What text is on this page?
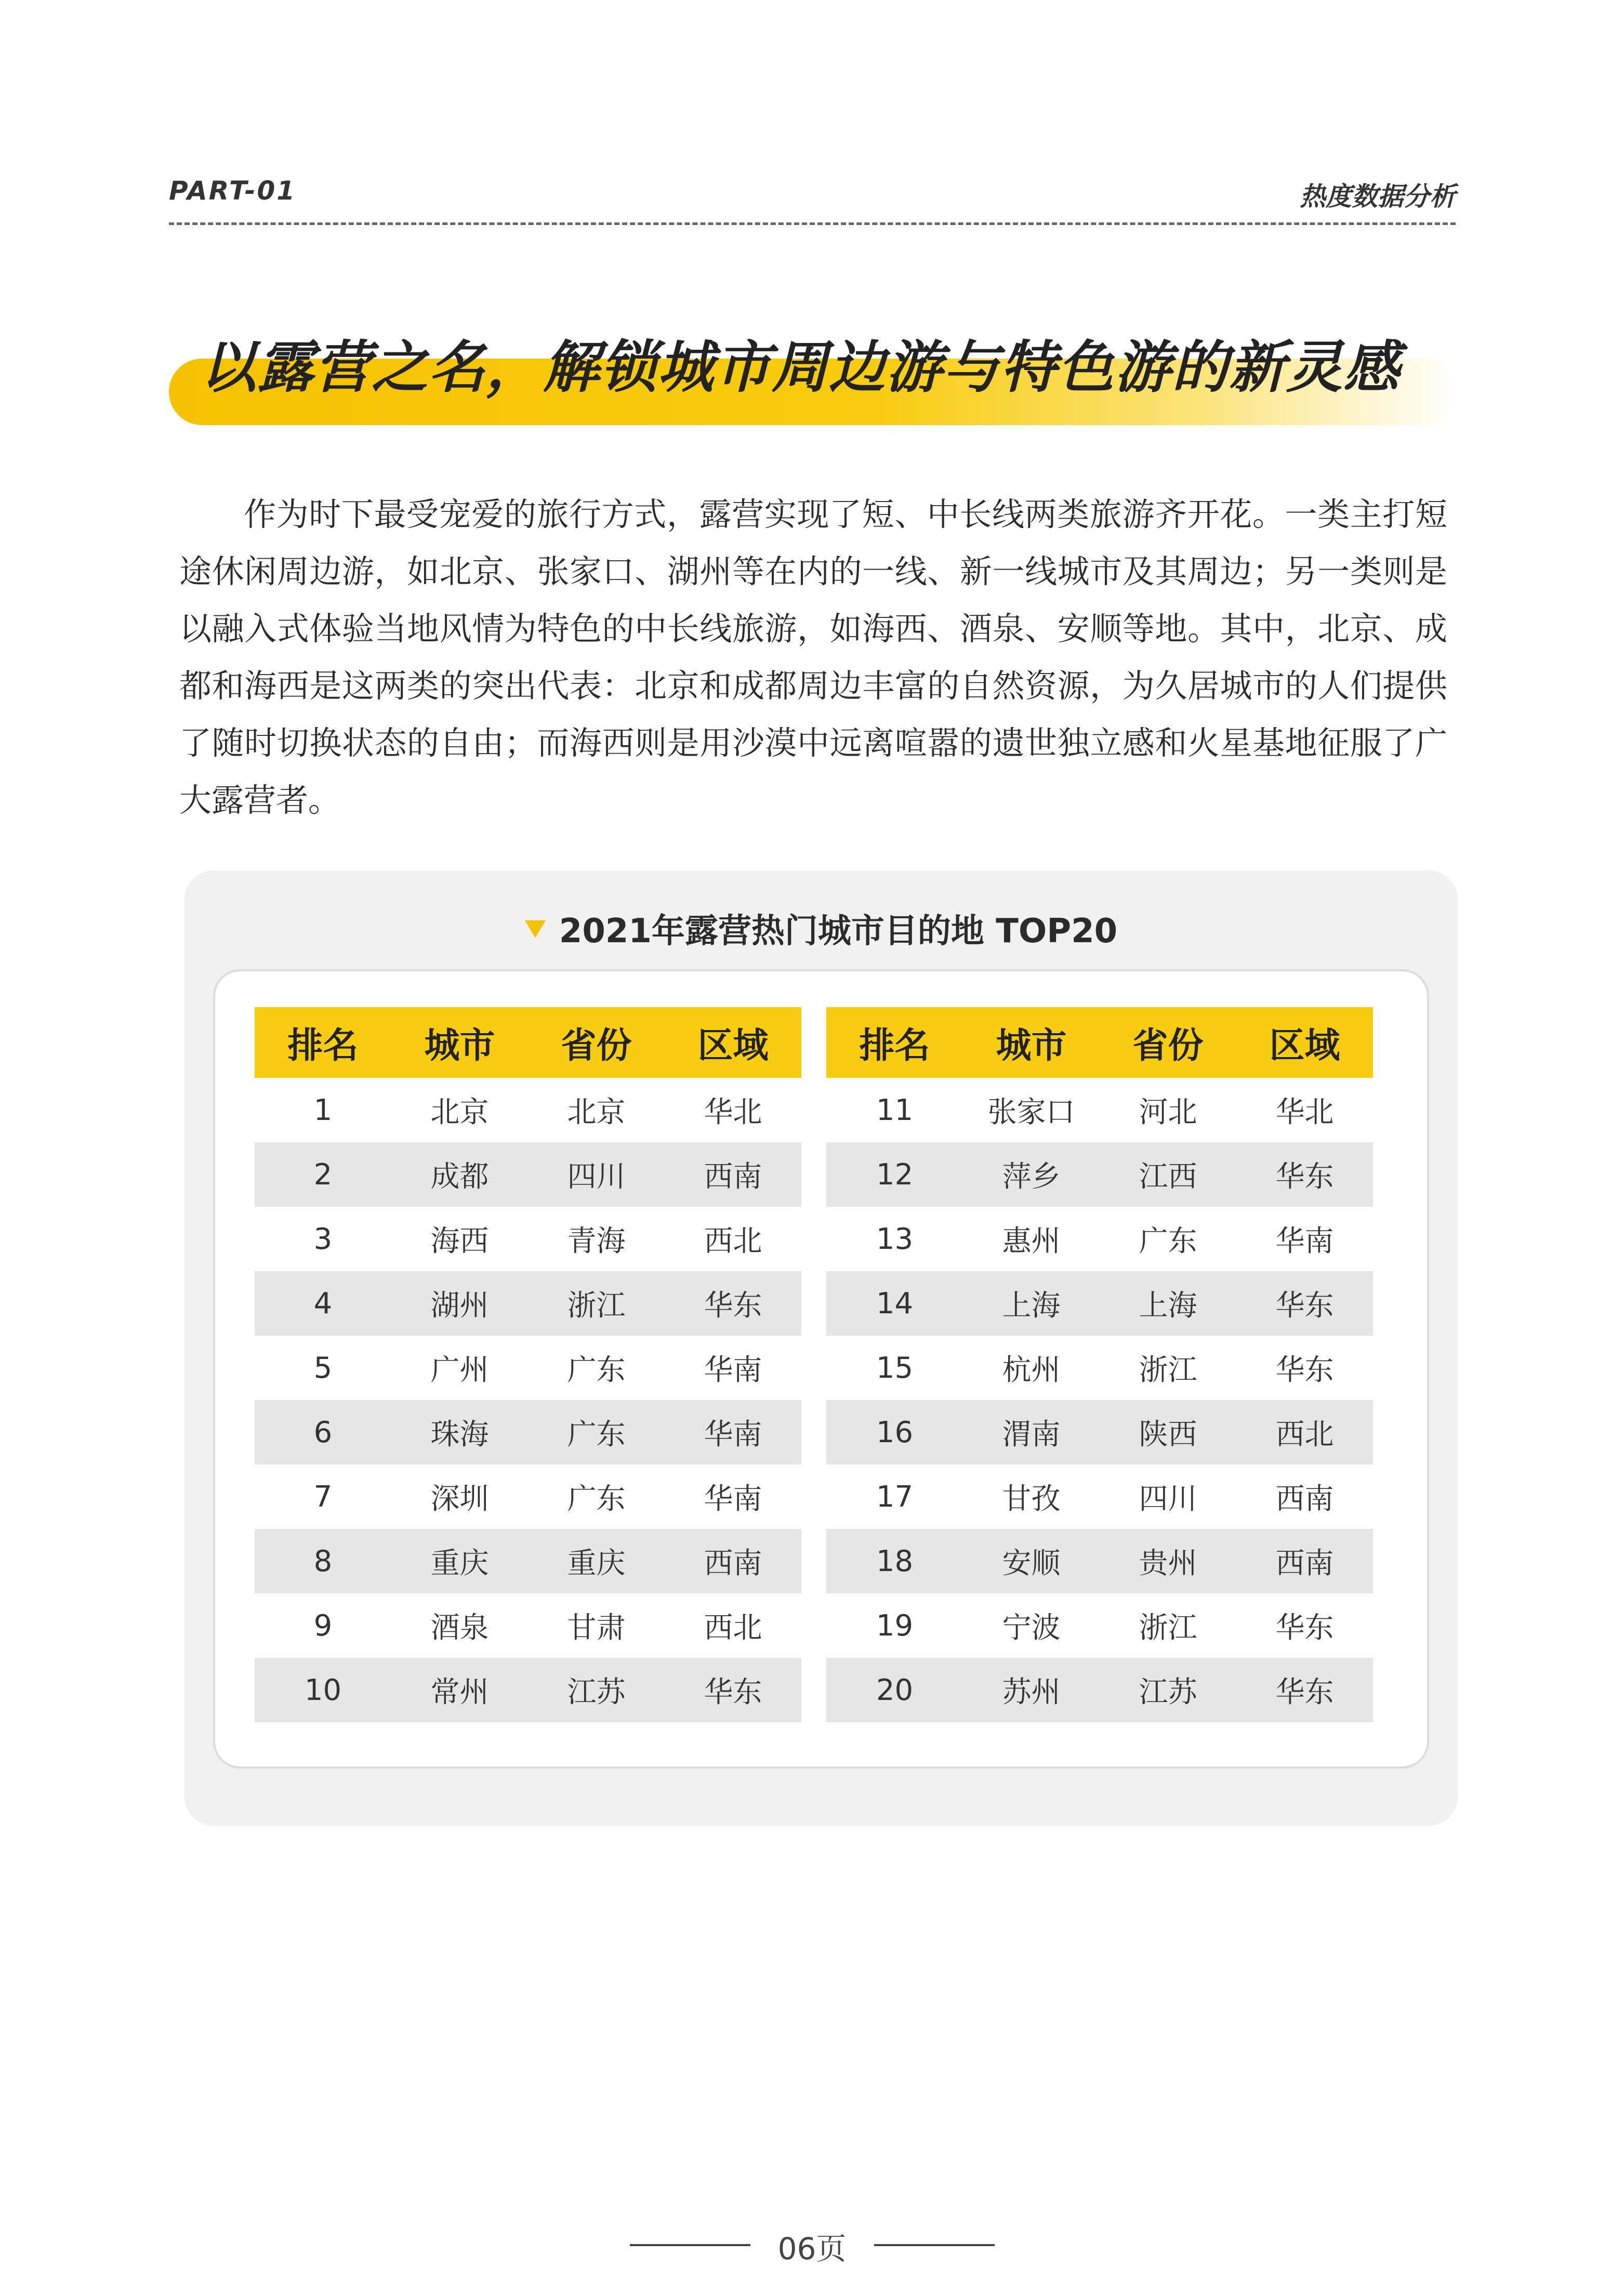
PART-01	热度数据分析
以露营之名，解锁城市周边游与特色游的新灵感

作为时下最受宠爱的旅行方式，露营实现了短、中长线两类旅游齐开花。一类主打短途休闲周边游，如北京、张家口、湖州等在内的一线、新一线城市及其周边；另一类则是以融入式体验当地风情为特色的中长线旅游，如海西、酒泉、安顺等地。其中，北京、成都和海西是这两类的突出代表：北京和成都周边丰富的自然资源，为久居城市的人们提供了随时切换状态的自由；而海西则是用沙漠中远离喧嚣的遗世独立感和火星基地征服了广大露营者。

2021年露营热门城市目的地 TOP20
排名	城市	省份	区域
1	北京	北京	华北
2	成都	四川	西南
3	海西	青海	西北
4	湖州	浙江	华东
5	广州	广东	华南
6	珠海	广东	华南
7	深圳	广东	华南
8	重庆	重庆	西南
9	酒泉	甘肃	西北
10	常州	江苏	华东
排名	城市	省份	区域
11	张家口	河北	华北
12	萍乡	江西	华东
13	惠州	广东	华南
14	上海	上海	华东
15	杭州	浙江	华东
16	渭南	陕西	西北
17	甘孜	四川	西南
18	安顺	贵州	西南
19	宁波	浙江	华东
20	苏州	江苏	华东
06页
